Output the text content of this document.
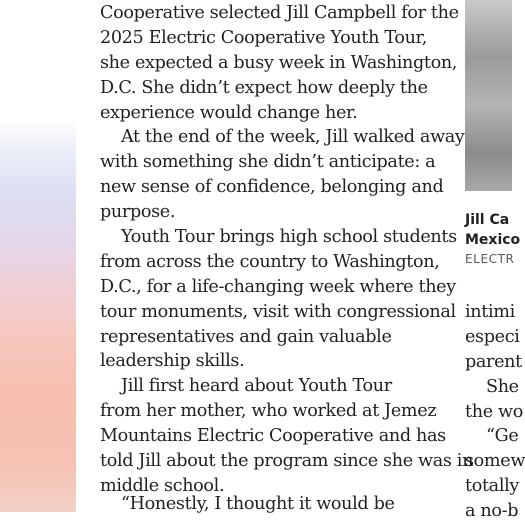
Cooperative selected Jill Campbell for the
2025 Electric Cooperative Youth Tour,
she expected a busy week in Washington,
D.C. She didn’t expect how deeply the
experience would change her.
At the end of the week, Jill walked away
with something she didn’t anticipate: a
new sense of confidence, belonging and
purpose.
Youth Tour brings high school students
from across the country to Washington,
D.C., for a life-changing week where they
tour monuments, visit with congressional
representatives and gain valuable
leadership skills.
Jill first heard about Youth Tour
from her mother, who worked at Jemez
Mountains Electric Cooperative and has
told Jill about the program since she was in
middle school.
“Honestly, I thought it would be
Jill Ca
Mexico
ELECTR
intimi
especi
parent
She
the wo
“Ge
somew
totally
a no-b
